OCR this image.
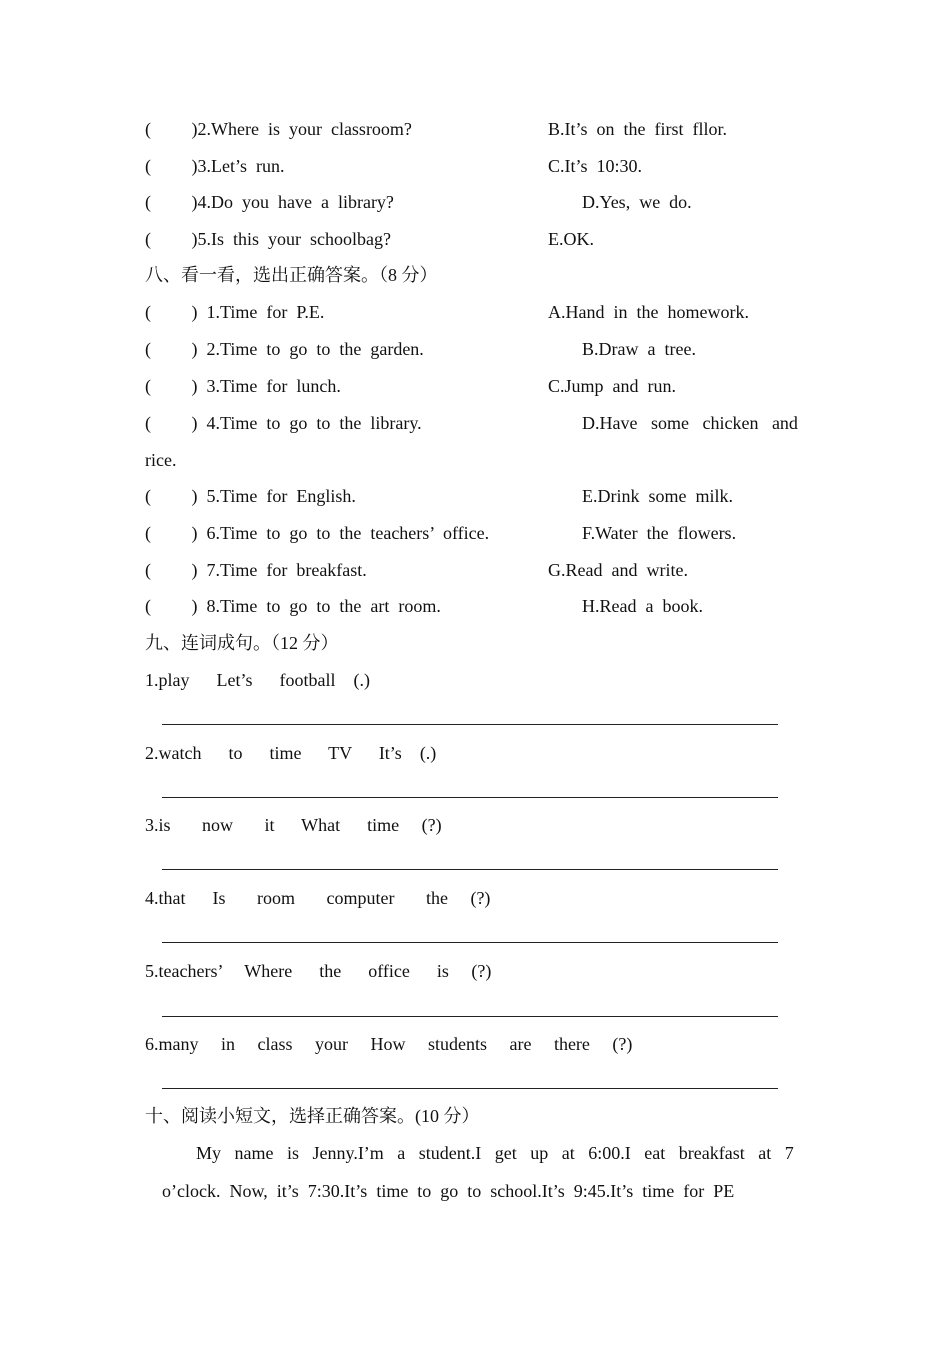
(         )2.Where  is  your  classroom?	B.It’s  on  the  first  fllor.
(         )3.Let’s  run.	C.It’s  10:30.
(         )4.Do  you  have  a  library?	D.Yes,  we  do.
(         )5.Is  this  your  schoolbag?	E.OK.
八、看一看，选出正确答案。（8 分）
(         )  1.Time  for  P.E.	A.Hand  in  the  homework.
(         )  2.Time  to  go  to  the  garden.	B.Draw  a  tree.
(         )  3.Time  for  lunch.	C.Jump  and  run.
(         )  4.Time  to  go  to  the  library.	D.Have   some   chicken   and
rice.
(         )  5.Time  for  English.	E.Drink  some  milk.
(         )  6.Time  to  go  to  the  teachers’  office.	F.Water  the  flowers.
(         )  7.Time  for  breakfast.	G.Read  and  write.
(         )  8.Time  to  go  to  the  art  room.	H.Read  a  book.
九、连词成句。（12 分）
1.play      Let’s      football    (.)
2.watch      to      time      TV      It’s    (.)
3.is       now       it      What      time     (?)
4.that      Is       room       computer       the     (?)
5.teachers’     Where      the      office      is     (?)
6.many     in     class     your     How     students     are     there     (?)
十、阅读小短文，选择正确答案。(10 分）
My   name   is   Jenny.I’m   a   student.I   get   up   at   6:00.I   eat   breakfast   at   7
o’clock.  Now,  it’s  7:30.It’s  time  to  go  to  school.It’s  9:45.It’s  time  for  PE
